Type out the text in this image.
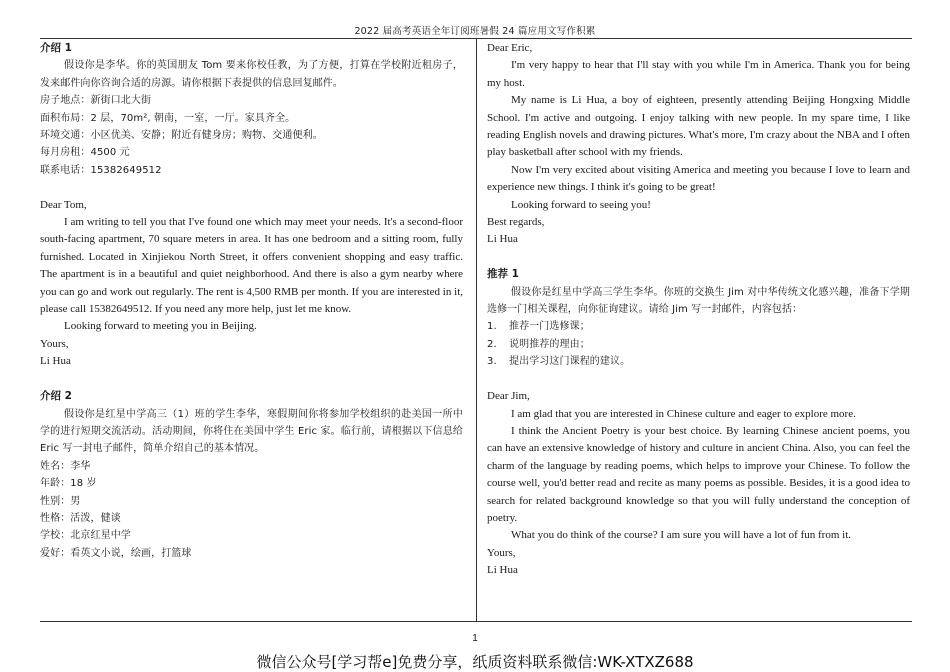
2022 届高考英语全年订阅班暑假 24 篇应用文写作积累

介绍 1

假设你是李华。你的英国朋友 Tom 要来你校任教，为了方便，打算在学校附近租房子，发来邮件向你咨询合适的房源。请你根据下表提供的信息回复邮件。

房子地点：新街口北大街

面积布局：2 层，70m², 朝南，一室，一厅。家具齐全。

环境交通：小区优美、安静；附近有健身房；购物、交通便利。

每月房租：4500 元

联系电话：15382649512

Dear Tom,

I am writing to tell you that I've found one which may meet your needs. It's a second-floor south-facing apartment, 70 square meters in area. It has one bedroom and a sitting room, fully furnished. Located in Xinjiekou North Street, it offers convenient shopping and easy traffic. The apartment is in a beautiful and quiet neighborhood. And there is also a gym nearby where you can go and work out regularly. The rent is 4,500 RMB per month. If you are interested in it, please call 15382649512. If you need any more help, just let me know.

Looking forward to meeting you in Beijing.

Yours,

Li Hua

介绍 2

假设你是红星中学高三（1）班的学生李华，寒假期间你将参加学校组织的赴美国一所中学的进行短期交流活动。活动期间，你将住在美国中学生 Eric 家。临行前，请根据以下信息给 Eric 写一封电子邮件，简单介绍自己的基本情况。

姓名：李华

年龄：18 岁

性别：男

性格：活泼，健谈

学校：北京红星中学

爱好：看英文小说，绘画，打篮球

Dear Eric,

I'm very happy to hear that I'll stay with you while I'm in America. Thank you for being my host.

My name is Li Hua, a boy of eighteen, presently attending Beijing Hongxing Middle School. I'm active and outgoing. I enjoy talking with new people. In my spare time, I like reading English novels and drawing pictures. What's more, I'm crazy about the NBA and I often play basketball after school with my friends.

Now I'm very excited about visiting America and meeting you because I love to learn and experience new things. I think it's going to be great!

Looking forward to seeing you!

Best regards,

Li Hua

推荐 1

假设你是红星中学高三学生李华。你班的交换生 Jim 对中华传统文化感兴趣，准备下学期选修一门相关课程，向你征询建议。请给 Jim 写一封邮件，内容包括：

1. 推荐一门选修课；

2. 说明推荐的理由；

3. 提出学习这门课程的建议。

Dear Jim,

I am glad that you are interested in Chinese culture and eager to explore more.

I think the Ancient Poetry is your best choice. By learning Chinese ancient poems, you can have an extensive knowledge of history and culture in ancient China. Also, you can feel the charm of the language by reading poems, which helps to improve your Chinese. To follow the course well, you'd better read and recite as many poems as possible. Besides, it is a good idea to search for related background knowledge so that you will fully understand the conception of poetry.

What you do think of the course? I am sure you will have a lot of fun from it.

Yours,

Li Hua

1
微信公众号[学习帮e]免费分享，纸质资料联系微信:WK-XTXZ688
